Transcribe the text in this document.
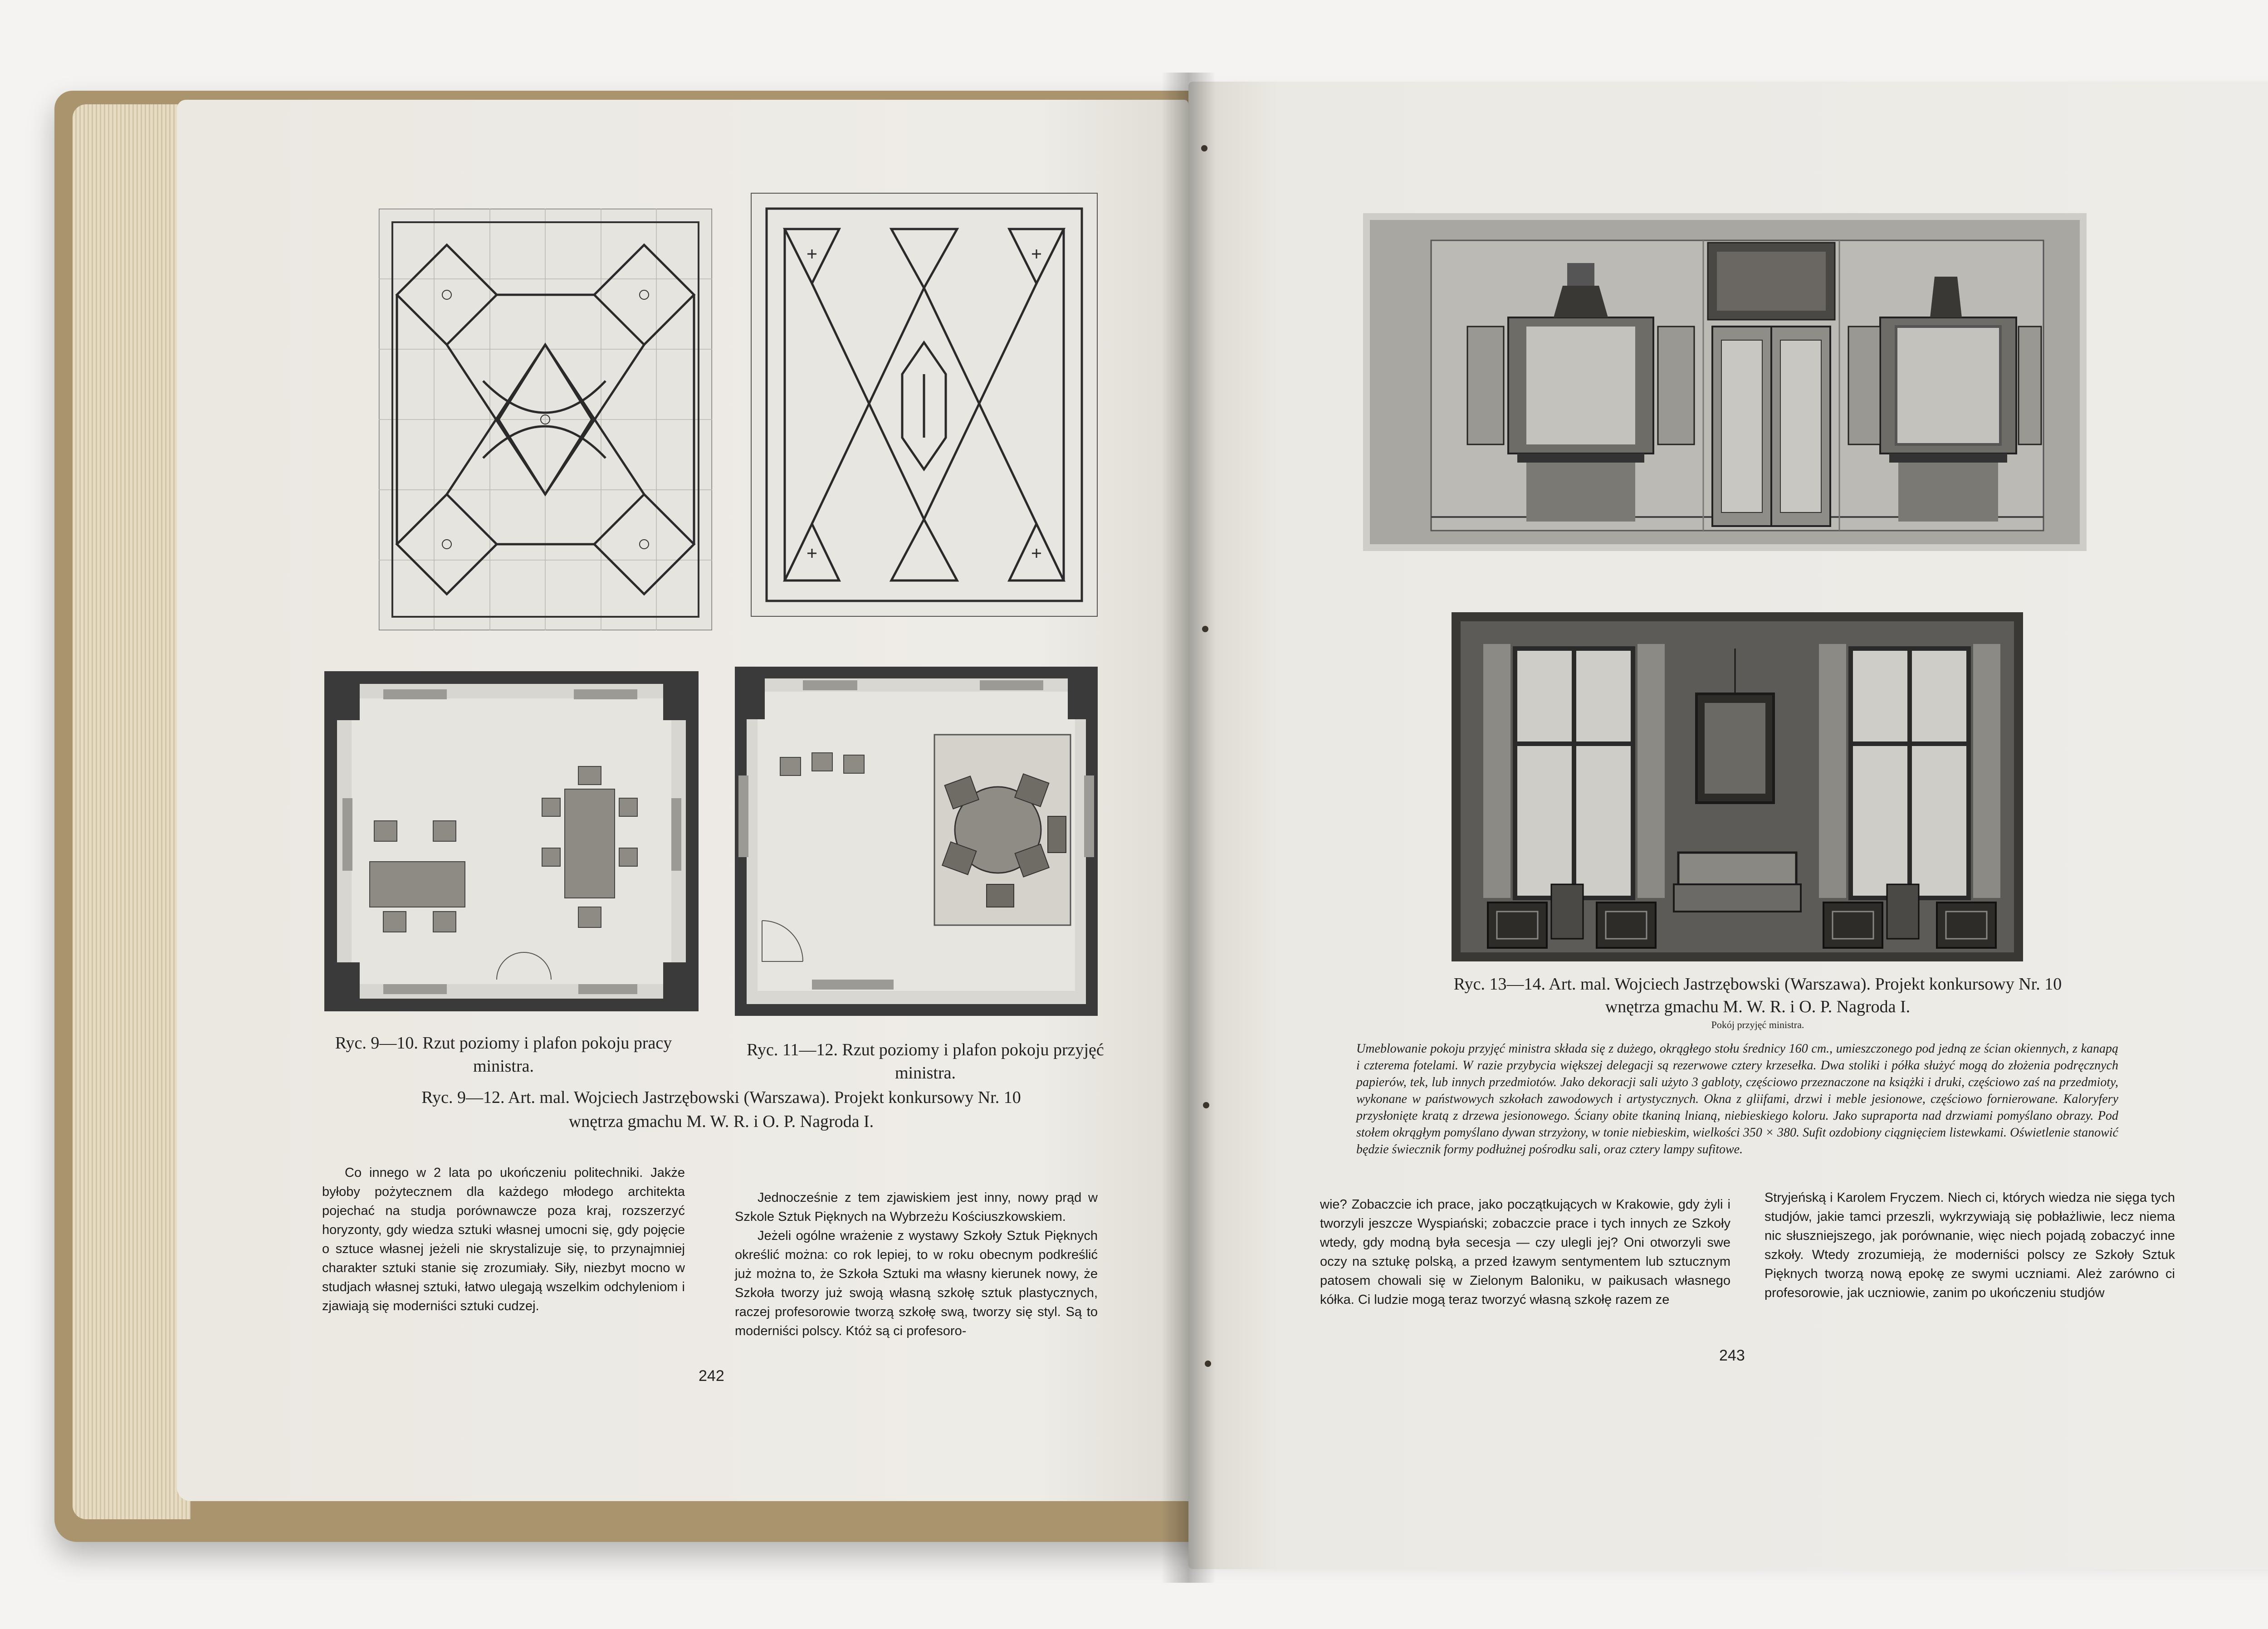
Ryc. 9—10. Rzut poziomy i plafon pokoju pracy ministra.
Ryc. 11—12. Rzut poziomy i plafon pokoju przyjęć ministra.
Ryc. 9—12. Art. mal. Wojciech Jastrzębowski (Warszawa). Projekt konkursowy Nr. 10
wnętrza gmachu M. W. R. i O. P. Nagroda I.

Co innego w 2 lata po ukończeniu politechniki. Jakże byłoby pożytecznem dla każdego młodego architekta pojechać na studja porównawcze poza kraj, rozszerzyć horyzonty, gdy wiedza sztuki własnej umocni się, gdy pojęcie o sztuce własnej jeżeli nie skrystalizuje się, to przynajmniej charakter sztuki stanie się zrozumiały. Siły, niezbyt mocno w studjach własnej sztuki, łatwo ulegają wszelkim odchyleniom i zjawiają się moderniści sztuki cudzej.

Jednocześnie z tem zjawiskiem jest inny, nowy prąd w Szkole Sztuk Pięknych na Wybrzeżu Kościuszkowskiem.

Jeżeli ogólne wrażenie z wystawy Szkoły Sztuk Pięknych określić można: co rok lepiej, to w roku obecnym podkreślić już można to, że Szkoła Sztuki ma własny kierunek nowy, że Szkoła tworzy już swoją własną szkołę sztuk plastycznych, raczej profesorowie tworzą szkołę swą, tworzy się styl. Są to moderniści polscy. Któż są ci profesoro-

242
Ryc. 13—14. Art. mal. Wojciech Jastrzębowski (Warszawa). Projekt konkursowy Nr. 10
wnętrza gmachu M. W. R. i O. P. Nagroda I.
Pokój przyjęć ministra.
Umeblowanie pokoju przyjęć ministra składa się z dużego, okrągłego stołu średnicy 160 cm., umieszczonego pod jedną ze ścian okiennych, z kanapą i czterema fotelami. W razie przybycia większej delegacji są rezerwowe cztery krzesełka. Dwa stoliki i półka służyć mogą do złożenia podręcznych papierów, tek, lub innych przedmiotów. Jako dekoracji sali użyto 3 gabloty, częściowo przeznaczone na książki i druki, częściowo zaś na przedmioty, wykonane w państwowych szkołach zawodowych i artystycznych. Okna z gliifami, drzwi i meble jesionowe, częściowo fornierowane. Kaloryfery przysłonięte kratą z drzewa jesionowego. Ściany obite tkaniną lnianą, niebieskiego koloru. Jako supraporta nad drzwiami pomyślano obrazy. Pod stołem okrągłym pomyślano dywan strzyżony, w tonie niebieskim, wielkości 350 × 380. Sufit ozdobiony ciągnięciem listewkami. Oświetlenie stanowić będzie świecznik formy podłużnej pośrodku sali, oraz cztery lampy sufitowe.

wie? Zobaczcie ich prace, jako początkujących w Krakowie, gdy żyli i tworzyli jeszcze Wyspiański; zobaczcie prace i tych innych ze Szkoły wtedy, gdy modną była secesja — czy ulegli jej? Oni otworzyli swe oczy na sztukę polską, a przed łzawym sentymentem lub sztucznym patosem chowali się w Zielonym Baloniku, w paikusach własnego kółka. Ci ludzie mogą teraz tworzyć własną szkołę razem ze

Stryjeńską i Karolem Fryczem. Niech ci, których wiedza nie sięga tych studjów, jakie tamci przeszli, wykrzywiają się pobłażliwie, lecz niema nic słuszniejszego, jak porównanie, więc niech pojadą zobaczyć inne szkoły. Wtedy zrozumieją, że moderniści polscy ze Szkoły Sztuk Pięknych tworzą nową epokę ze swymi uczniami. Ależ zarówno ci profesorowie, jak uczniowie, zanim po ukończeniu studjów

243
